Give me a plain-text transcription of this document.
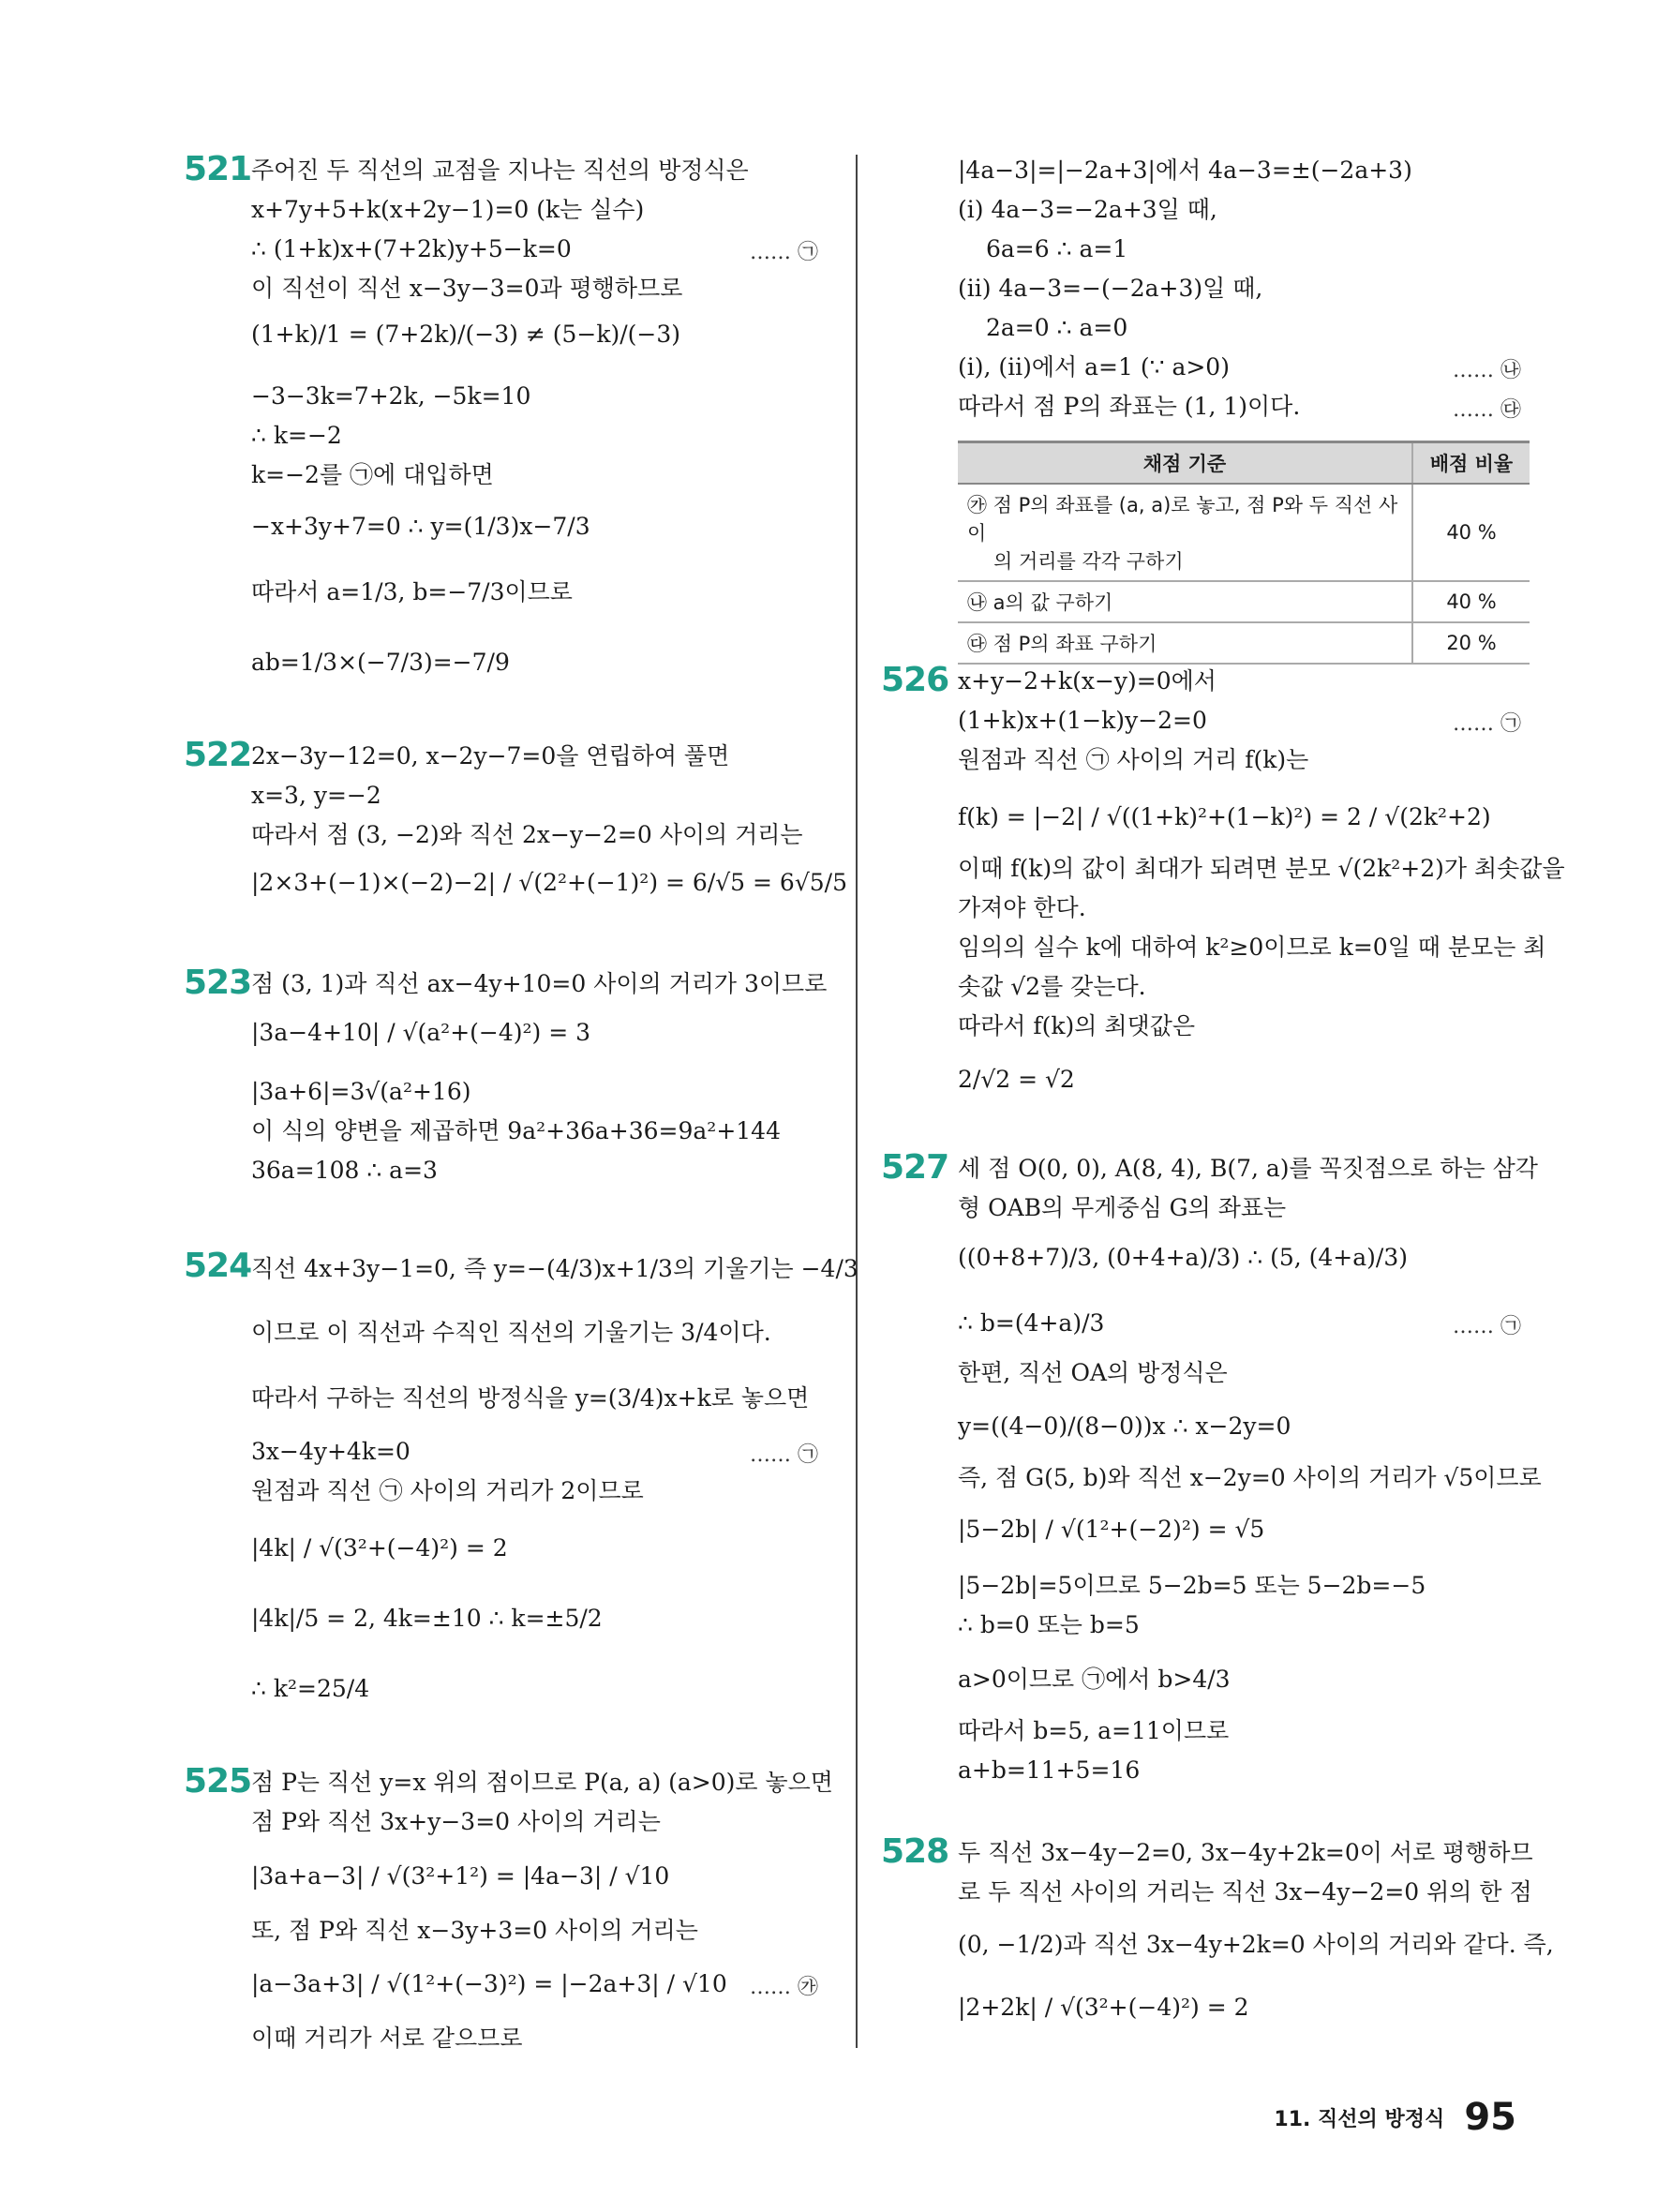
521 주어진 두 직선의 교점을 지나는 직선의 방정식은
x+7y+5+k(x+2y−1)=0 (k는 실수)
∴ (1+k)x+(7+2k)y+5−k=0	…… ㉠
이 직선이 직선 x−3y−3=0과 평행하므로
(1+k)/1 = (7+2k)/(−3) ≠ (5−k)/(−3)
−3−3k=7+2k, −5k=10
∴ k=−2
k=−2를 ㉠에 대입하면
−x+3y+7=0 ∴ y=(1/3)x−7/3
따라서 a=1/3, b=−7/3이므로
ab=1/3×(−7/3)=−7/9
522 2x−3y−12=0, x−2y−7=0을 연립하여 풀면
x=3, y=−2
따라서 점 (3, −2)와 직선 2x−y−2=0 사이의 거리는
|2×3+(−1)×(−2)−2| / √(2²+(−1)²) = 6/√5 = 6√5/5
523 점 (3, 1)과 직선 ax−4y+10=0 사이의 거리가 3이므로
|3a−4+10| / √(a²+(−4)²) = 3
|3a+6|=3√(a²+16)
이 식의 양변을 제곱하면 9a²+36a+36=9a²+144
36a=108 ∴ a=3
524 직선 4x+3y−1=0, 즉 y=−(4/3)x+1/3의 기울기는 −4/3
이므로 이 직선과 수직인 직선의 기울기는 3/4이다.
따라서 구하는 직선의 방정식을 y=(3/4)x+k로 놓으면
3x−4y+4k=0	…… ㉠
원점과 직선 ㉠ 사이의 거리가 2이므로
|4k| / √(3²+(−4)²) = 2
|4k|/5 = 2, 4k=±10 ∴ k=±5/2
∴ k²=25/4
525 점 P는 직선 y=x 위의 점이므로 P(a, a) (a>0)로 놓으면
점 P와 직선 3x+y−3=0 사이의 거리는
|3a+a−3| / √(3²+1²) = |4a−3| / √10
또, 점 P와 직선 x−3y+3=0 사이의 거리는
|a−3a+3| / √(1²+(−3)²) = |−2a+3| / √10 …… ㉮
이때 거리가 서로 같으므로
|4a−3|=|−2a+3|에서 4a−3=±(−2a+3)
(i) 4a−3=−2a+3일 때,
6a=6 ∴ a=1
(ii) 4a−3=−(−2a+3)일 때,
2a=0 ∴ a=0
(i), (ii)에서 a=1 (∵ a>0)	…… ㉯
따라서 점 P의 좌표는 (1, 1)이다.	…… ㉰
채점 기준	배점 비율
㉮ 점 P의 좌표를 (a, a)로 놓고, 점 P와 두 직선 사이
의 거리를 각각 구하기	40 %
㉯ a의 값 구하기	40 %
㉰ 점 P의 좌표 구하기	20 %
526 x+y−2+k(x−y)=0에서
(1+k)x+(1−k)y−2=0	…… ㉠
원점과 직선 ㉠ 사이의 거리 f(k)는
f(k) = |−2| / √((1+k)²+(1−k)²) = 2 / √(2k²+2)
이때 f(k)의 값이 최대가 되려면 분모 √(2k²+2)가 최솟값을
가져야 한다.
임의의 실수 k에 대하여 k²≥0이므로 k=0일 때 분모는 최
솟값 √2를 갖는다.
따라서 f(k)의 최댓값은
2/√2 = √2
527 세 점 O(0, 0), A(8, 4), B(7, a)를 꼭짓점으로 하는 삼각
형 OAB의 무게중심 G의 좌표는
((0+8+7)/3, (0+4+a)/3) ∴ (5, (4+a)/3)
∴ b=(4+a)/3	…… ㉠
한편, 직선 OA의 방정식은
y=((4−0)/(8−0))x ∴ x−2y=0
즉, 점 G(5, b)와 직선 x−2y=0 사이의 거리가 √5이므로
|5−2b| / √(1²+(−2)²) = √5
|5−2b|=5이므로 5−2b=5 또는 5−2b=−5
∴ b=0 또는 b=5
a>0이므로 ㉠에서 b>4/3
따라서 b=5, a=11이므로
a+b=11+5=16
528 두 직선 3x−4y−2=0, 3x−4y+2k=0이 서로 평행하므
로 두 직선 사이의 거리는 직선 3x−4y−2=0 위의 한 점
(0, −1/2)과 직선 3x−4y+2k=0 사이의 거리와 같다. 즉,
|2+2k| / √(3²+(−4)²) = 2
11. 직선의 방정식 95
